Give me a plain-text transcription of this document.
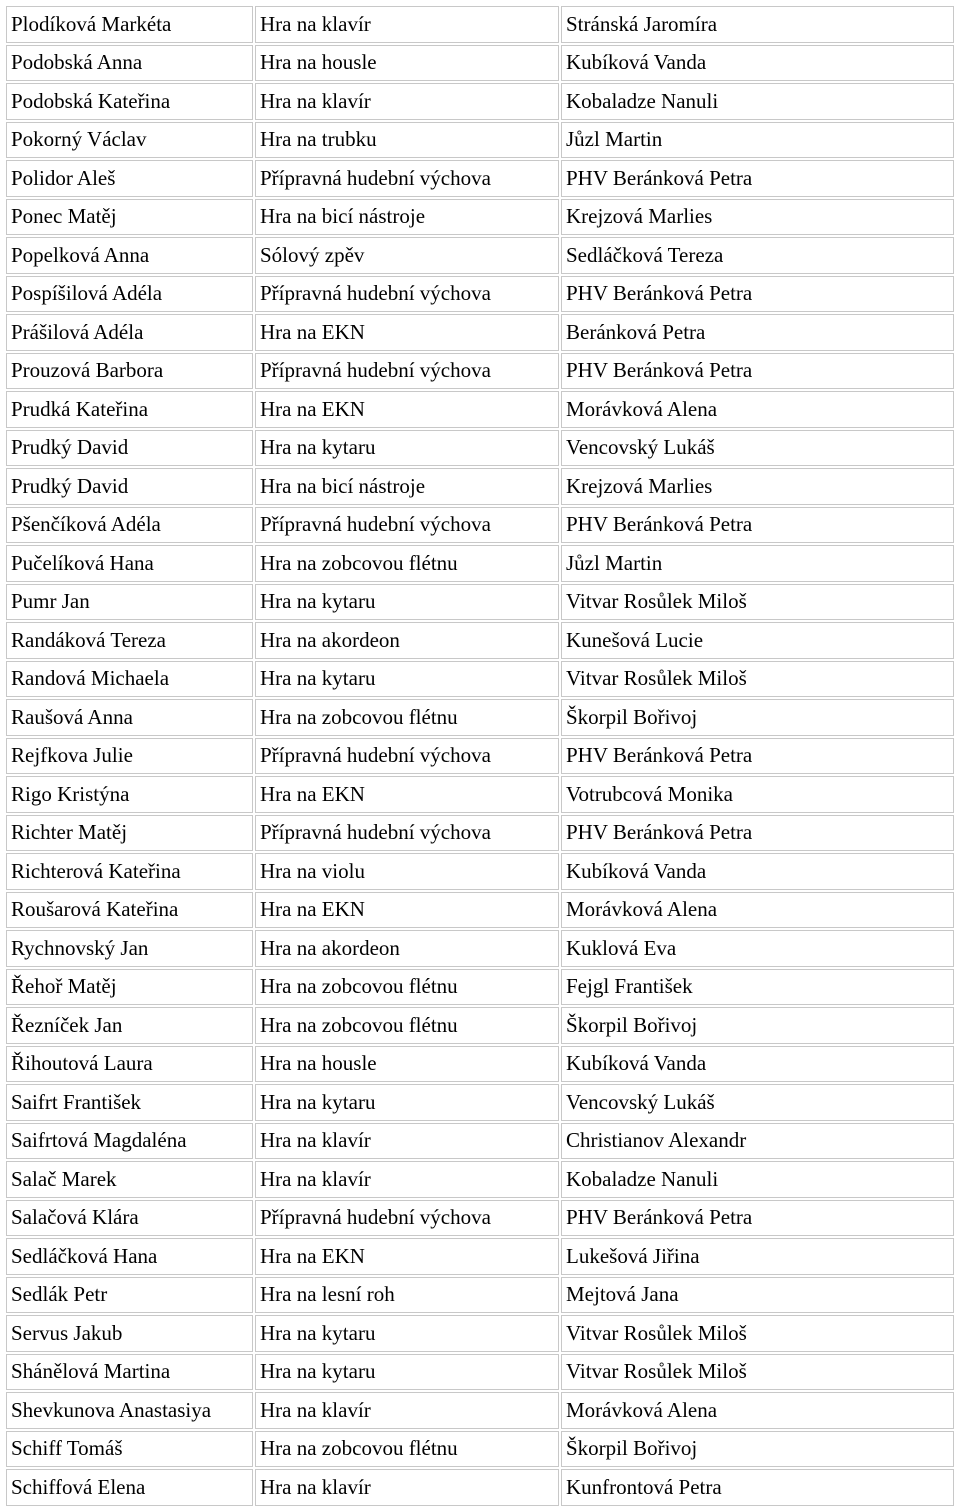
Plodíková Markéta	Hra na klavír	Stránská Jaromíra
Podobská Anna	Hra na housle	Kubíková Vanda
Podobská Kateřina	Hra na klavír	Kobaladze Nanuli
Pokorný Václav	Hra na trubku	Jůzl Martin
Polidor Aleš	Přípravná hudební výchova	PHV Beránková Petra
Ponec Matěj	Hra na bicí nástroje	Krejzová Marlies
Popelková Anna	Sólový zpěv	Sedláčková Tereza
Pospíšilová Adéla	Přípravná hudební výchova	PHV Beránková Petra
Prášilová Adéla	Hra na EKN	Beránková Petra
Prouzová Barbora	Přípravná hudební výchova	PHV Beránková Petra
Prudká Kateřina	Hra na EKN	Morávková Alena
Prudký David	Hra na kytaru	Vencovský Lukáš
Prudký David	Hra na bicí nástroje	Krejzová Marlies
Pšenčíková Adéla	Přípravná hudební výchova	PHV Beránková Petra
Pučelíková Hana	Hra na zobcovou flétnu	Jůzl Martin
Pumr Jan	Hra na kytaru	Vitvar Rosůlek Miloš
Randáková Tereza	Hra na akordeon	Kunešová Lucie
Randová Michaela	Hra na kytaru	Vitvar Rosůlek Miloš
Raušová Anna	Hra na zobcovou flétnu	Škorpil Bořivoj
Rejfkova Julie	Přípravná hudební výchova	PHV Beránková Petra
Rigo Kristýna	Hra na EKN	Votrubcová Monika
Richter Matěj	Přípravná hudební výchova	PHV Beránková Petra
Richterová Kateřina	Hra na violu	Kubíková Vanda
Roušarová Kateřina	Hra na EKN	Morávková Alena
Rychnovský Jan	Hra na akordeon	Kuklová Eva
Řehoř Matěj	Hra na zobcovou flétnu	Fejgl František
Řezníček Jan	Hra na zobcovou flétnu	Škorpil Bořivoj
Řihoutová Laura	Hra na housle	Kubíková Vanda
Saifrt František	Hra na kytaru	Vencovský Lukáš
Saifrtová Magdaléna	Hra na klavír	Christianov Alexandr
Salač Marek	Hra na klavír	Kobaladze Nanuli
Salačová Klára	Přípravná hudební výchova	PHV Beránková Petra
Sedláčková Hana	Hra na EKN	Lukešová Jiřina
Sedlák Petr	Hra na lesní roh	Mejtová Jana
Servus Jakub	Hra na kytaru	Vitvar Rosůlek Miloš
Shánělová Martina	Hra na kytaru	Vitvar Rosůlek Miloš
Shevkunova Anastasiya	Hra na klavír	Morávková Alena
Schiff Tomáš	Hra na zobcovou flétnu	Škorpil Bořivoj
Schiffová Elena	Hra na klavír	Kunfrontová Petra
